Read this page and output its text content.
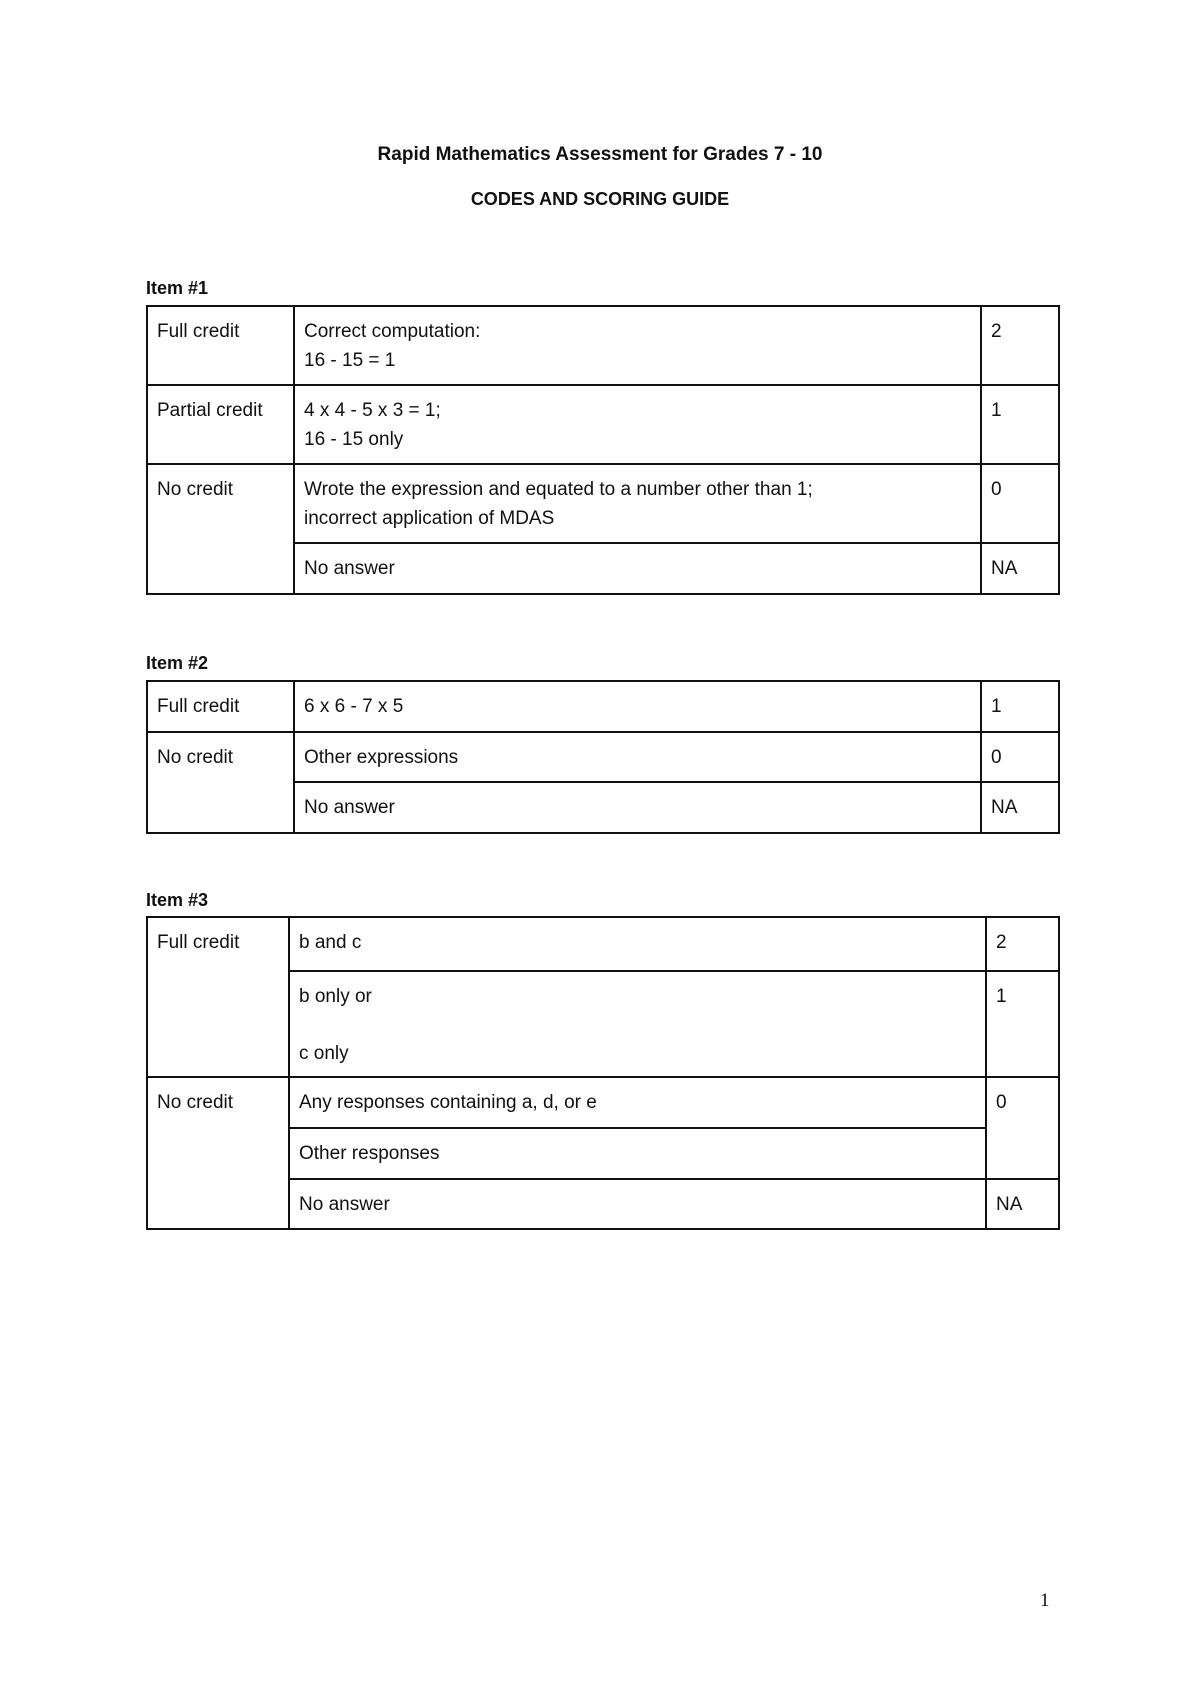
Rapid Mathematics Assessment for Grades 7 - 10
CODES AND SCORING GUIDE
Item #1
Full credit	Correct computation:
16 - 15 = 1	2
Partial credit	4 x 4 - 5 x 3 = 1;
16 - 15 only	1
No credit	Wrote the expression and equated to a number other than 1;
incorrect application of MDAS	0

	No answer	NA
Item #2
Full credit	6 x 6 - 7 x 5	1
No credit	Other expressions	0

	No answer	NA
Item #3
Full credit	b and c	2

	b only or
c only	1
No credit	Any responses containing a, d, or e	0

	Other responses	

	No answer	NA
1
